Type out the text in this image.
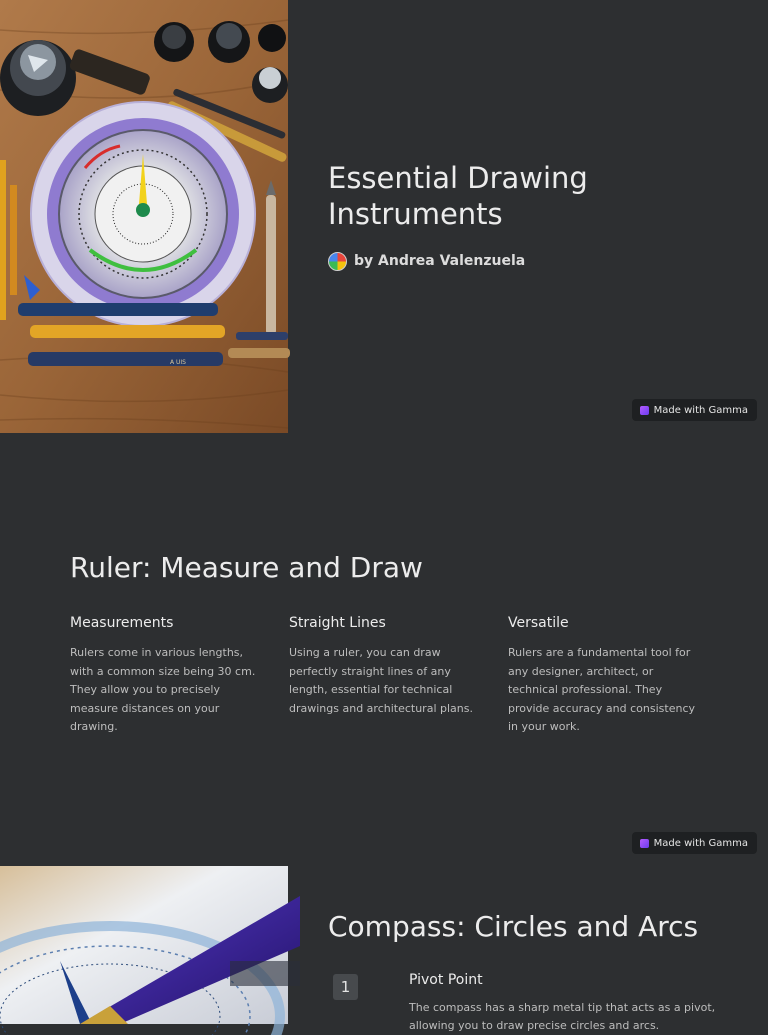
A UIS
Essential Drawing Instruments
by Andrea Valenzuela
Made with Gamma
Ruler: Measure and Draw
Measurements

Rulers come in various lengths, with a common size being 30 cm. They allow you to precisely measure distances on your drawing.

Straight Lines

Using a ruler, you can draw perfectly straight lines of any length, essential for technical drawings and architectural plans.

Versatile

Rulers are a fundamental tool for any designer, architect, or technical professional. They provide accuracy and consistency in your work.

Made with Gamma
Compass: Circles and Arcs
1	Pivot Point

The compass has a sharp metal tip that acts as a pivot, allowing you to draw precise circles and arcs.
